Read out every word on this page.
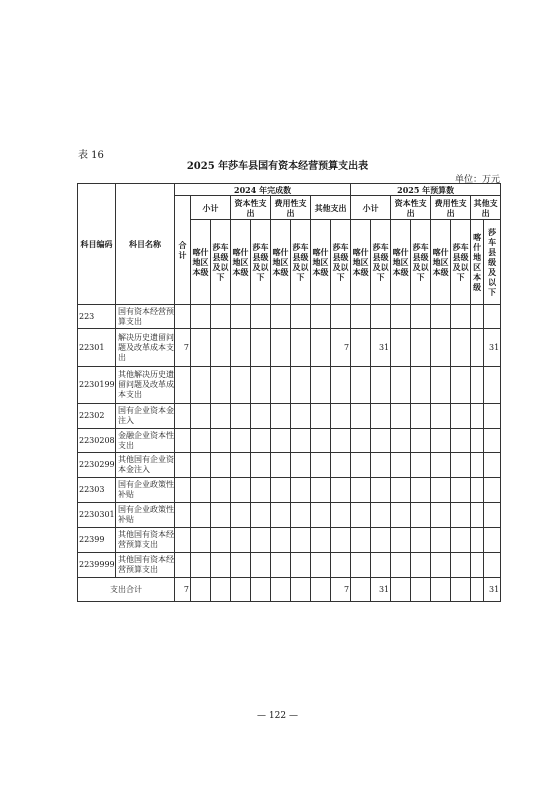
表 16
2025 年莎车县国有资本经营预算支出表
单位：万元
科目编码	科目名称	2024 年完成数									2025 年预算数							
		合计	小计		资本性支出		费用性支出		其他支出		小计		资本性支出		费用性支出		其他支出	

			喀什地区本级	莎车县级及以下	喀什地区本级	莎车县级及以下	喀什地区本级	莎车县级及以下	喀什地区本级	莎车县级及以下	喀什地区本级	莎车县级及以下	喀什地区本级	莎车县级及以下	喀什地区本级	莎车县级及以下	喀什地区本级	莎车县级及以下
223	国有资本经营预算支出																	
22301	解决历史遗留问题及改革成本支出	7								7		31						31
2230199	其他解决历史遗留问题及改革成本支出																	
22302	国有企业资本金注入																	
2230208	金融企业资本性支出																	
2230299	其他国有企业资本金注入																	
22303	国有企业政策性补贴																	
2230301	国有企业政策性补贴																	
22399	其他国有资本经营预算支出																	
2239999	其他国有资本经营预算支出																	
支出合计		7								7		31						31
— 122 —
